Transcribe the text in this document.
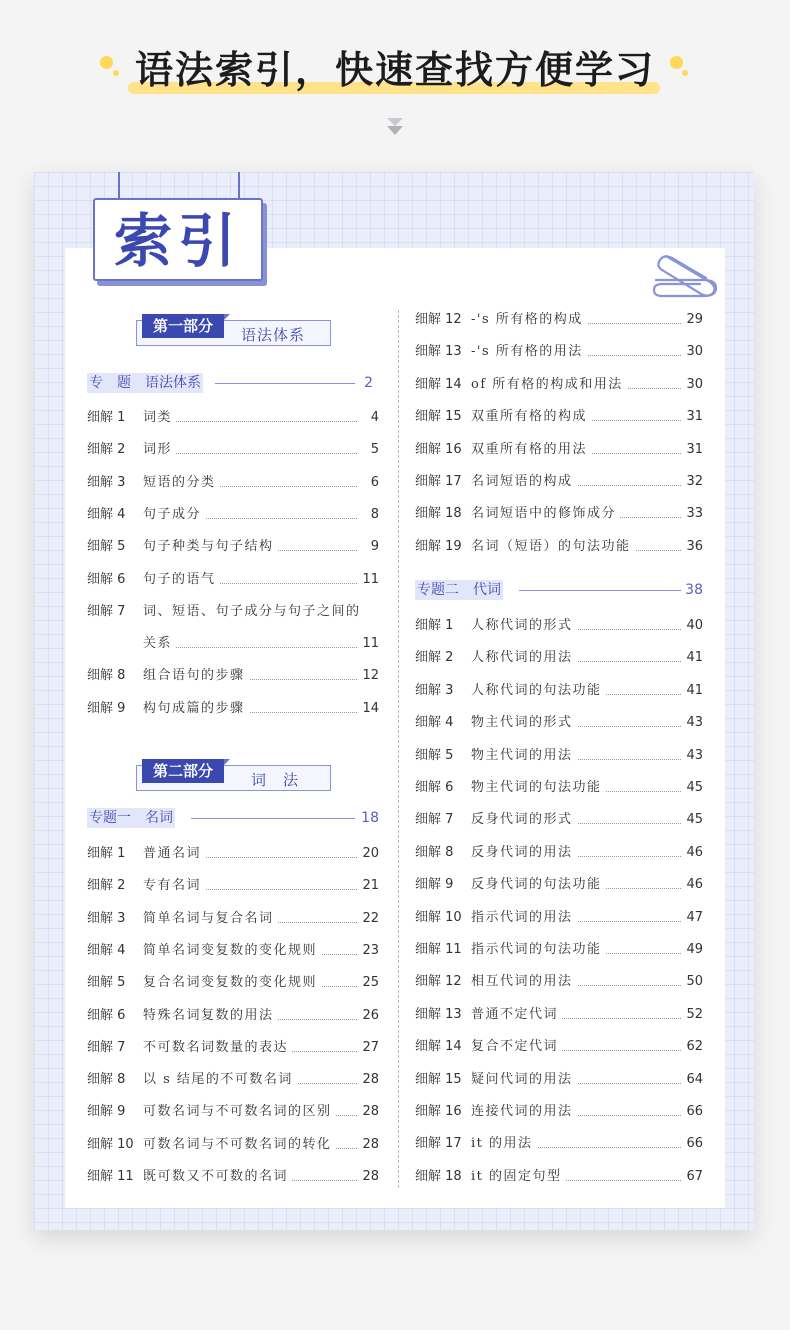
语法索引，快速查找方便学习
索引
语法体系
第一部分
专　题　语法体系	2
细解 1 词类	4
细解 2 词形	5
细解 3 短语的分类	6
细解 4 句子成分	8
细解 5 句子种类与句子结构	9
细解 6 句子的语气	11
细解 7 词、短语、句子成分与句子之间的
关系	11
细解 8 组合语句的步骤	12
细解 9 构句成篇的步骤	14
词　法
第二部分
专题一　名词	18
细解 1 普通名词	20
细解 2 专有名词	21
细解 3 简单名词与复合名词	22
细解 4 简单名词变复数的变化规则	23
细解 5 复合名词变复数的变化规则	25
细解 6 特殊名词复数的用法	26
细解 7 不可数名词数量的表达	27
细解 8 以 s 结尾的不可数名词	28
细解 9 可数名词与不可数名词的区别	28
细解 10 可数名词与不可数名词的转化	28
细解 11 既可数又不可数的名词	28
细解 12 -'s 所有格的构成	29
细解 13 -'s 所有格的用法	30
细解 14 of 所有格的构成和用法	30
细解 15 双重所有格的构成	31
细解 16 双重所有格的用法	31
细解 17 名词短语的构成	32
细解 18 名词短语中的修饰成分	33
细解 19 名词（短语）的句法功能	36
专题二　代词	38
细解 1 人称代词的形式	40
细解 2 人称代词的用法	41
细解 3 人称代词的句法功能	41
细解 4 物主代词的形式	43
细解 5 物主代词的用法	43
细解 6 物主代词的句法功能	45
细解 7 反身代词的形式	45
细解 8 反身代词的用法	46
细解 9 反身代词的句法功能	46
细解 10 指示代词的用法	47
细解 11 指示代词的句法功能	49
细解 12 相互代词的用法	50
细解 13 普通不定代词	52
细解 14 复合不定代词	62
细解 15 疑问代词的用法	64
细解 16 连接代词的用法	66
细解 17 it 的用法	66
细解 18 it 的固定句型	67
